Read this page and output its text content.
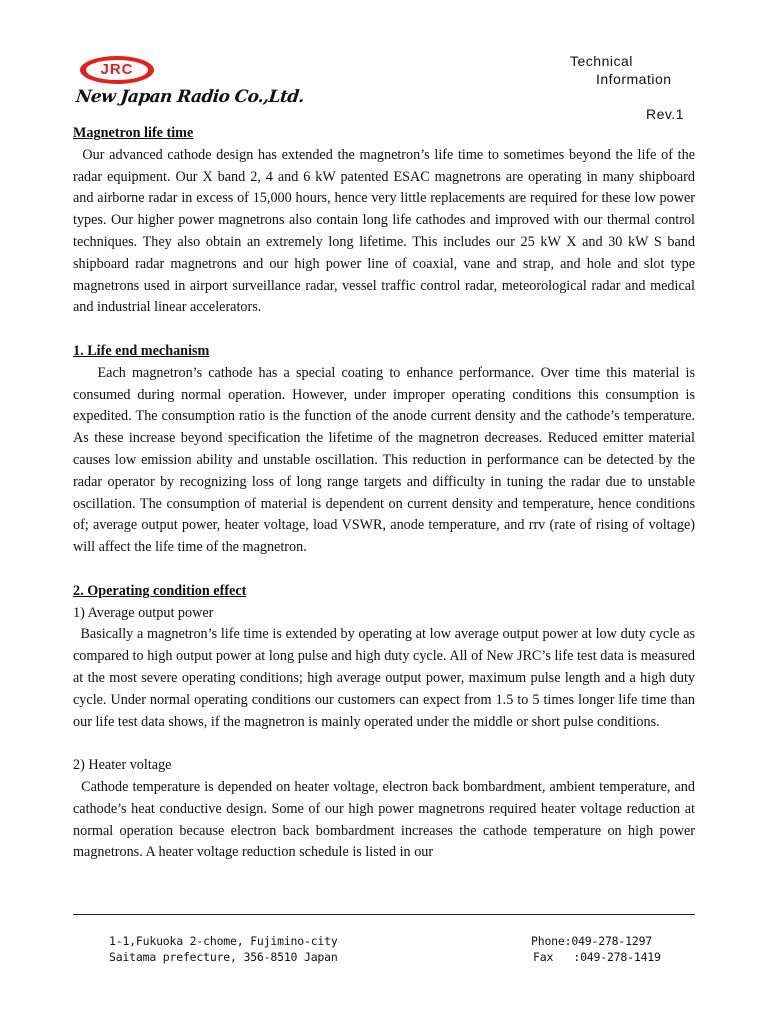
JRC
New Japan Radio Co.,Ltd.
Technical
Information
Rev.1
Magnetron life time

Our advanced cathode design has extended the magnetron’s life time to sometimes beyond the life of the radar equipment. Our X band 2, 4 and 6 kW patented ESAC magnetrons are operating in many shipboard and airborne radar in excess of 15,000 hours, hence very little replacements are required for these low power types. Our higher power magnetrons also contain long life cathodes and improved with our thermal control techniques. They also obtain an extremely long lifetime. This includes our 25 kW X and 30 kW S band shipboard radar magnetrons and our high power line of coaxial, vane and strap, and hole and slot type magnetrons used in airport surveillance radar, vessel traffic control radar, meteorological radar and medical and industrial linear accelerators.

1. Life end mechanism

Each magnetron’s cathode has a special coating to enhance performance. Over time this material is consumed during normal operation. However, under improper operating conditions this consumption is expedited. The consumption ratio is the function of the anode current density and the cathode’s temperature. As these increase beyond specification the lifetime of the magnetron decreases. Reduced emitter material causes low emission ability and unstable oscillation. This reduction in performance can be detected by the radar operator by recognizing loss of long range targets and difficulty in tuning the radar due to unstable oscillation. The consumption of material is dependent on current density and temperature, hence conditions of; average output power, heater voltage, load VSWR, anode temperature, and rrv (rate of rising of voltage) will affect the life time of the magnetron.

2. Operating condition effect
1) Average output power

Basically a magnetron’s life time is extended by operating at low average output power at low duty cycle as compared to high output power at long pulse and high duty cycle. All of New JRC’s life test data is measured at the most severe operating conditions; high average output power, maximum pulse length and a high duty cycle. Under normal operating conditions our customers can expect from 1.5 to 5 times longer life time than our life test data shows, if the magnetron is mainly operated under the middle or short pulse conditions.

2) Heater voltage

Cathode temperature is depended on heater voltage, electron back bombardment, ambient temperature, and cathode’s heat conductive design. Some of our high power magnetrons required heater voltage reduction at normal operation because electron back bombardment increases the cathode temperature on high power magnetrons. A heater voltage reduction schedule is listed in our

1-1,Fukuoka 2-chome, Fujimino-city
Saitama prefecture, 356-8510 Japan
Phone:049-278-1297
Fax   :049-278-1419
